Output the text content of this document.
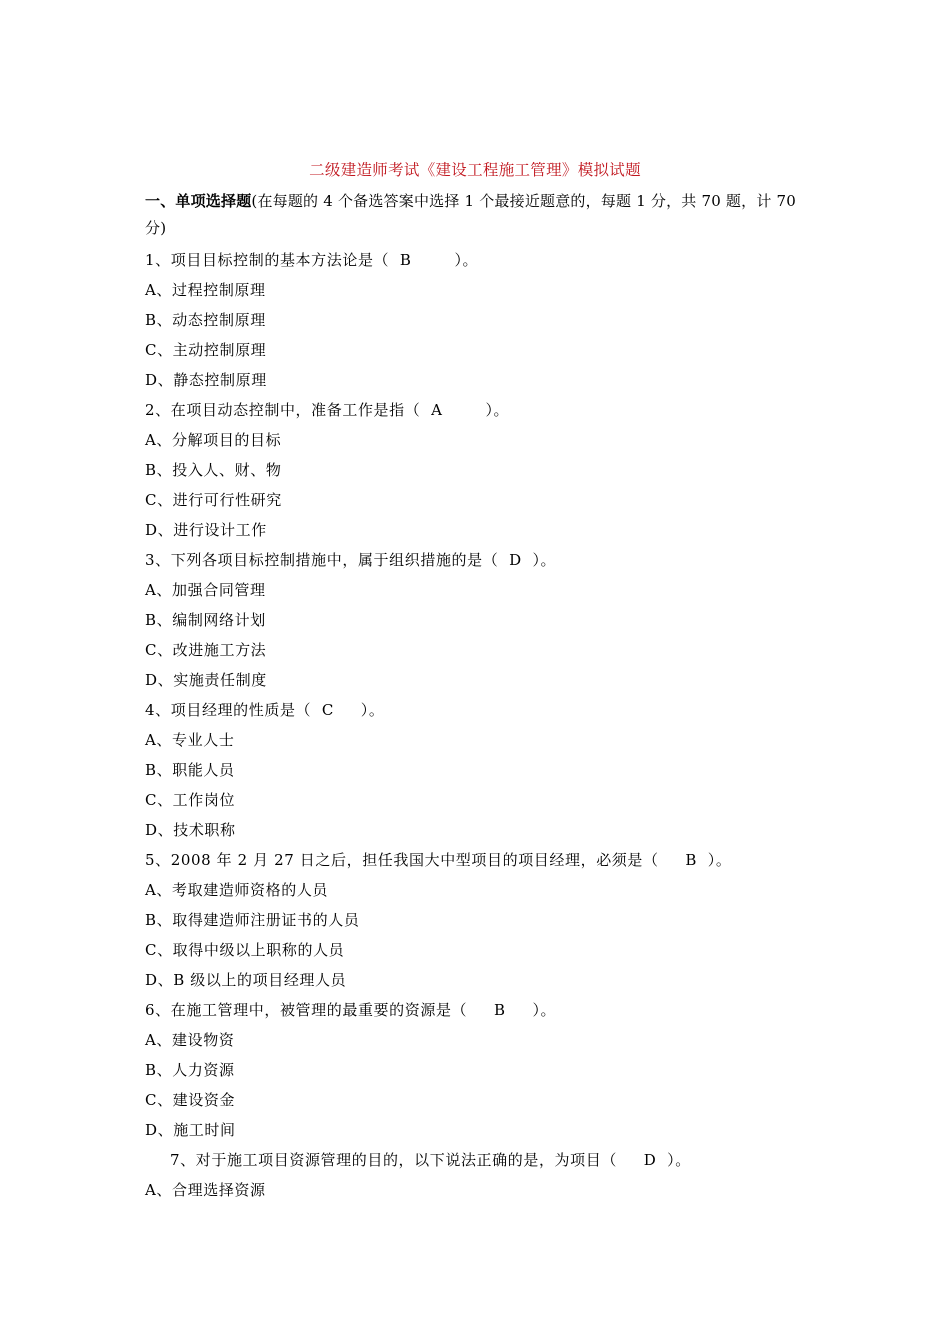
二级建造师考试《建设工程施工管理》模拟试题

一、单项选择题(在每题的 4 个备选答案中选择 1 个最接近题意的，每题 1 分，共 70 题，计 70 分)

1、项目目标控制的基本方法论是（  B        ）。

A、过程控制原理

B、动态控制原理

C、主动控制原理

D、静态控制原理

2、在项目动态控制中，准备工作是指（  A        ）。

A、分解项目的目标

B、投入人、财、物

C、进行可行性研究

D、进行设计工作

3、下列各项目标控制措施中，属于组织措施的是（  D  ）。

A、加强合同管理

B、编制网络计划

C、改进施工方法

D、实施责任制度

4、项目经理的性质是（  C     ）。

A、专业人士

B、职能人员

C、工作岗位

D、技术职称

5、2008 年 2 月 27 日之后，担任我国大中型项目的项目经理，必须是（     B  ）。

A、考取建造师资格的人员

B、取得建造师注册证书的人员

C、取得中级以上职称的人员

D、B 级以上的项目经理人员

6、在施工管理中，被管理的最重要的资源是（     B     ）。

A、建设物资

B、人力资源

C、建设资金

D、施工时间

7、对于施工项目资源管理的目的，以下说法正确的是，为项目（     D  ）。

A、合理选择资源
